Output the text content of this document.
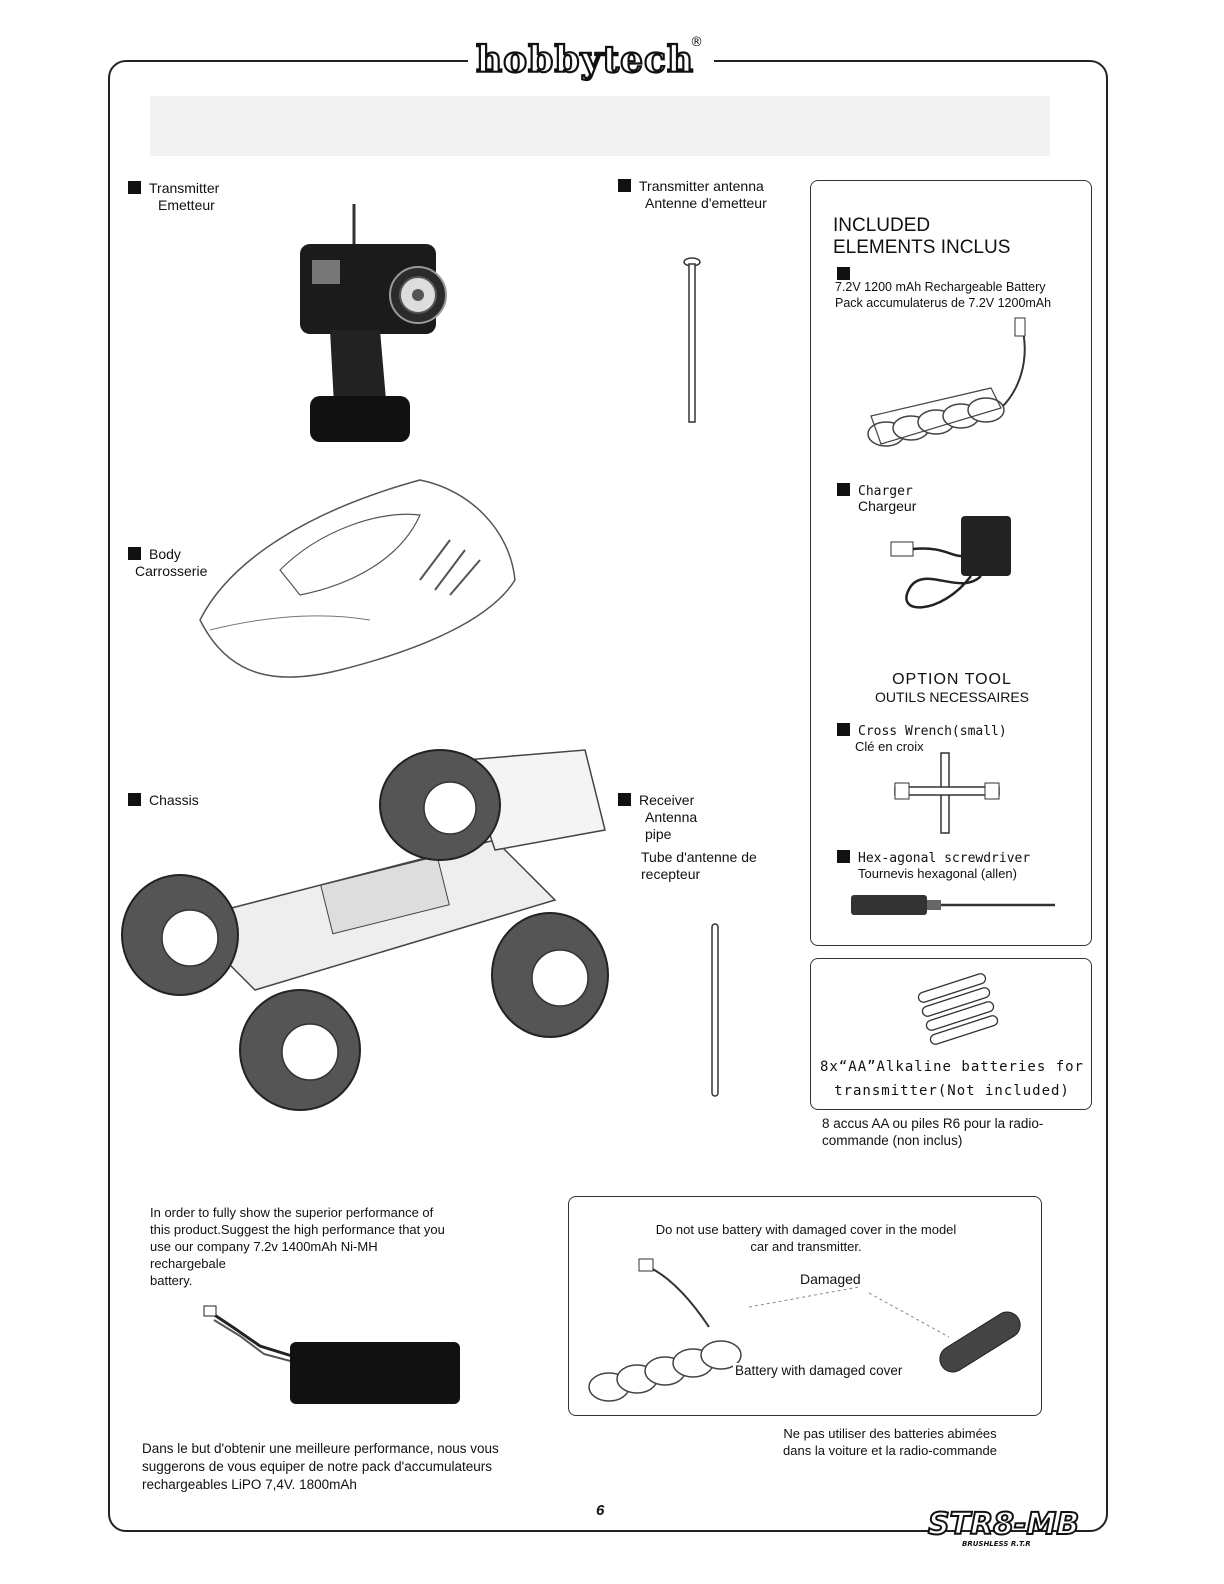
hobbytech
®
Transmitter
Emetteur
Transmitter antenna
Antenne d'emetteur
Body
Carrosserie
Chassis	Receiver
Antenna
pipe
Tube d'antenne de
recepteur
INCLUDED
ELEMENTS INCLUS
7.2V 1200 mAh Rechargeable Battery
Pack accumulaterus de 7.2V 1200mAh
Charger
Chargeur
OPTION TOOL
OUTILS NECESSAIRES
Cross Wrench(small)
Clé en croix
Hex-agonal screwdriver
Tournevis hexagonal (allen)
8x“AA”Alkaline batteries for
transmitter(Not included)
8 accus AA ou piles R6 pour la radio-
commande (non inclus)
In order to fully show the superior performance of
this product.Suggest the high performance that you
use our company 7.2v 1400mAh Ni-MH
rechargebale
battery.
Dans le but d'obtenir une meilleure performance, nous vous
suggerons de vous equiper de notre pack d'accumulateurs
rechargeables LiPO 7,4V. 1800mAh
Do not use battery with damaged cover in the model
car and transmitter.
Damaged
Battery with damaged cover
Ne pas utiliser des batteries abimées
dans la voiture et la radio-commande
6	STR8-MB
BRUSHLESS R.T.R
